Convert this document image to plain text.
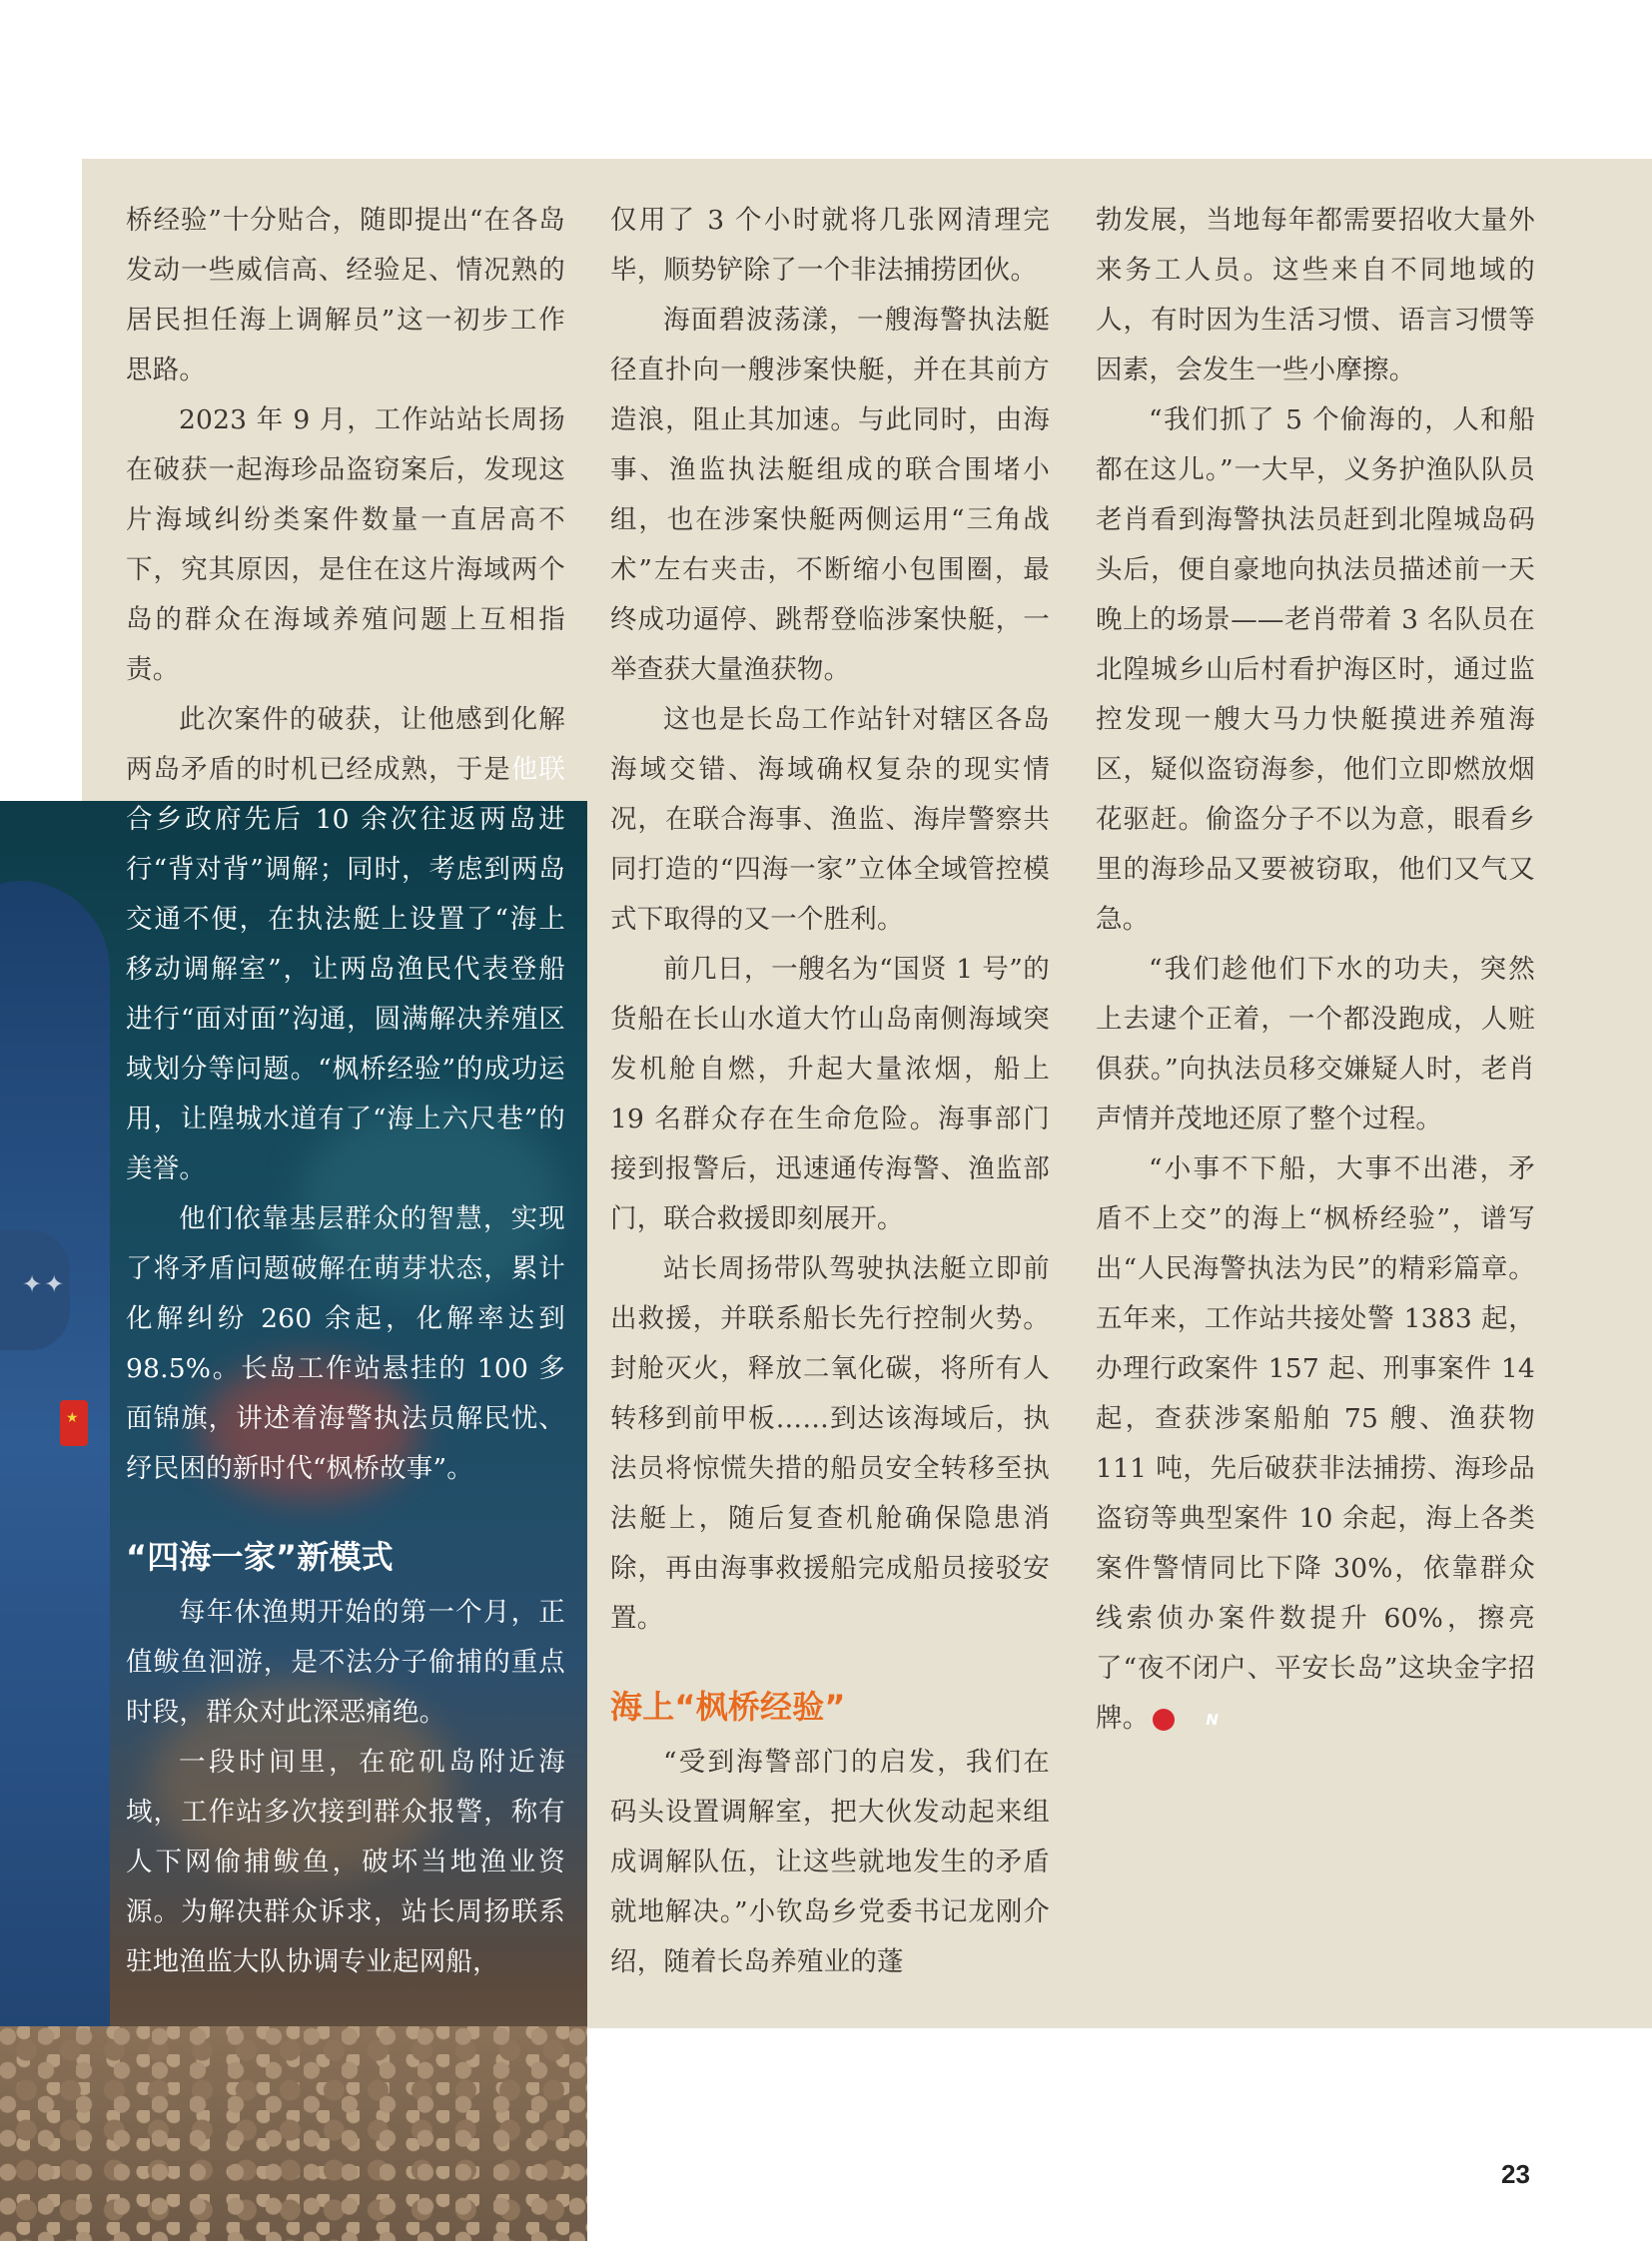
✦✦
★

桥经验”十分贴合，随即提出“在各岛发动一些威信高、经验足、情况熟的居民担任海上调解员”这一初步工作思路。

2023 年 9 月，工作站站长周扬在破获一起海珍品盗窃案后，发现这片海域纠纷类案件数量一直居高不下，究其原因，是住在这片海域两个岛的群众在海域养殖问题上互相指责。

此次案件的破获，让他感到化解两岛矛盾的时机已经成熟，于是他联合乡政府先后 10 余次往返两岛进行“背对背”调解；同时，考虑到两岛交通不便，在执法艇上设置了“海上移动调解室”，让两岛渔民代表登船进行“面对面”沟通，圆满解决养殖区域划分等问题。“枫桥经验”的成功运用，让隍城水道有了“海上六尺巷”的美誉。

他们依靠基层群众的智慧，实现了将矛盾问题破解在萌芽状态，累计化解纠纷 260 余起，化解率达到 98.5%。长岛工作站悬挂的 100 多面锦旗，讲述着海警执法员解民忧、纾民困的新时代“枫桥故事”。

“四海一家”新模式

每年休渔期开始的第一个月，正值鲅鱼洄游，是不法分子偷捕的重点时段，群众对此深恶痛绝。

一段时间里，在砣矶岛附近海域，工作站多次接到群众报警，称有人下网偷捕鲅鱼，破坏当地渔业资源。为解决群众诉求，站长周扬联系驻地渔监大队协调专业起网船，

仅用了 3 个小时就将几张网清理完毕，顺势铲除了一个非法捕捞团伙。

海面碧波荡漾，一艘海警执法艇径直扑向一艘涉案快艇，并在其前方造浪，阻止其加速。与此同时，由海事、渔监执法艇组成的联合围堵小组，也在涉案快艇两侧运用“三角战术”左右夹击，不断缩小包围圈，最终成功逼停、跳帮登临涉案快艇，一举查获大量渔获物。

这也是长岛工作站针对辖区各岛海域交错、海域确权复杂的现实情况，在联合海事、渔监、海岸警察共同打造的“四海一家”立体全域管控模式下取得的又一个胜利。

前几日，一艘名为“国贤 1 号”的货船在长山水道大竹山岛南侧海域突发机舱自燃，升起大量浓烟，船上 19 名群众存在生命危险。海事部门接到报警后，迅速通传海警、渔监部门，联合救援即刻展开。

站长周扬带队驾驶执法艇立即前出救援，并联系船长先行控制火势。封舱灭火，释放二氧化碳，将所有人转移到前甲板……到达该海域后，执法员将惊慌失措的船员安全转移至执法艇上，随后复查机舱确保隐患消除，再由海事救援船完成船员接驳安置。

海上“枫桥经验”

“受到海警部门的启发，我们在码头设置调解室，把大伙发动起来组成调解队伍，让这些就地发生的矛盾就地解决。”小钦岛乡党委书记龙刚介绍，随着长岛养殖业的蓬

勃发展，当地每年都需要招收大量外来务工人员。这些来自不同地域的人，有时因为生活习惯、语言习惯等因素，会发生一些小摩擦。

“我们抓了 5 个偷海的，人和船都在这儿。”一大早，义务护渔队队员老肖看到海警执法员赶到北隍城岛码头后，便自豪地向执法员描述前一天晚上的场景——老肖带着 3 名队员在北隍城乡山后村看护海区时，通过监控发现一艘大马力快艇摸进养殖海区，疑似盗窃海参，他们立即燃放烟花驱赶。偷盗分子不以为意，眼看乡里的海珍品又要被窃取，他们又气又急。

“我们趁他们下水的功夫，突然上去逮个正着，一个都没跑成，人赃俱获。”向执法员移交嫌疑人时，老肖声情并茂地还原了整个过程。

“小事不下船，大事不出港，矛盾不上交”的海上“枫桥经验”，谱写出“人民海警执法为民”的精彩篇章。五年来，工作站共接处警 1383 起，办理行政案件 157 起、刑事案件 14 起，查获涉案船舶 75 艘、渔获物 111 吨，先后破获非法捕捞、海珍品盗窃等典型案件 10 余起，海上各类案件警情同比下降 30%，依靠群众线索侦办案件数提升 60%，擦亮了“夜不闭户、平安长岛”这块金字招牌。	N

23
